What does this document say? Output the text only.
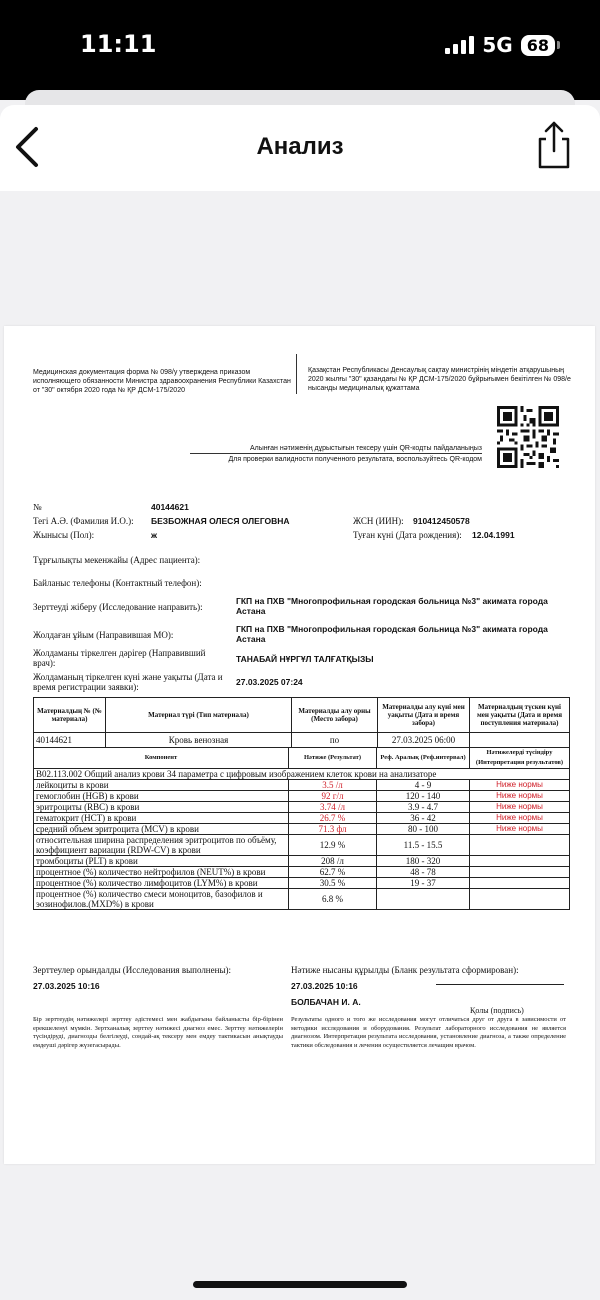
11:11	5G 68
Анализ
Медицинская документация форма № 098/у утверждена приказом исполняющего обязанности Министра здравоохранения Республики Казахстан от "30" октября 2020 года № ҚР ДСМ-175/2020
Қазақстан Республикасы Денсаулық сақтау министрінің міндетін атқарушының 2020 жылғы "30" қазандағы № ҚР ДСМ-175/2020 бұйрығымен бекітілген № 098/е нысанды медициналық құжаттама
Алынған нәтиженің дұрыстығын тексеру үшін QR-кодты пайдаланыңыз
Для проверки валидности полученного результата, воспользуйтесь QR-кодом
№	40144621
Тегі А.Ә. (Фамилия И.О.): БЕЗБОЖНАЯ ОЛЕСЯ ОЛЕГОВНА	ЖСН (ИИН): 910412450578
Жынысы (Пол):	ж	Туған күні (Дата рождения): 12.04.1991
Тұрғылықты мекенжайы (Адрес пациента):
Байланыс телефоны (Контактный телефон):
Зерттеуді жіберу (Исследование направить):
ГКП на ПХВ "Многопрофильная городская больница №3" акимата города Астана
Жолдаған ұйым (Направившая МО):
ГКП на ПХВ "Многопрофильная городская больница №3" акимата города Астана
Жолдаманы тіркелген дәрігер (Направивший врач):	ТАНАБАЙ НҰРГҰЛ ТАЛҒАТҚЫЗЫ
Жолдаманың тіркелген күні және уақыты (Дата и время регистрации заявки):	27.03.2025 07:24
Материалдың № (№ материала)	Материал түрі (Тип материала)	Материалды алу орны (Место забора)	Материалды алу күні мен уақыты (Дата и время забора)	Материалдың түскен күні мен уақыты (Дата и время поступления материала)
40144621	Кровь венозная	по	27.03.2025 06:00	
Компонент	Нәтиже (Результат)	Реф. Аралық (Реф.интервал)	Нәтижелерді түсіндіру (Интерпретация результатов)
В02.113.002 Общий анализ крови 34 параметра с цифровым изображением клеток крови на анализаторе			
лейкоциты в крови	3.5 /л	4 - 9	Ниже нормы
гемоглобин (HGB) в крови	92 г/л	120 - 140	Ниже нормы
эритроциты (RBC) в крови	3.74 /л	3.9 - 4.7	Ниже нормы
гематокрит (HCT) в крови	26.7 %	36 - 42	Ниже нормы
средний объем эритроцита (MCV) в крови	71.3 фл	80 - 100	Ниже нормы
относительная ширина распределения эритроцитов по объёму, коэффициент вариации (RDW-CV) в крови	12.9 %	11.5 - 15.5	
тромбоциты (PLT) в крови	208 /л	180 - 320	
процентное (%) количество нейтрофилов (NEUT%) в крови	62.7 %	48 - 78	
процентное (%) количество лимфоцитов (LYM%) в крови	30.5 %	19 - 37	
процентное (%) количество смеси моноцитов, базофилов и эозинофилов.(MXD%) в крови	6.8 %		
Зерттеулер орындалды (Исследования выполнены):
27.03.2025 10:16
Нәтиже нысаны құрылды (Бланк результата сформирован):
27.03.2025 10:16
БОЛБАЧАН И. А.
Қолы (подпись)
Бір зерттеудің нәтижелері зерттеу әдістемесі мен жабдығына байланысты бір-бірінен ерекшеленуі мүмкін. Зертханалық зерттеу нәтижесі диагноз емес. Зерттеу нәтижелерін түсіндіруді, диагнозды белгілеуді, сондай-ақ тексеру мен емдеу тактикасын анықтауды емдеуші дәрігер жүзегасырады.
Результаты одного и того же исследования могут отличаться друг от друга в зависимости от методики исследования и оборудования. Результат лабораторного исследования не является диагнозом. Интерпретация результата исследования, установление диагноза, а также определение тактики обследования и лечения осуществляется лечащим врачом.
